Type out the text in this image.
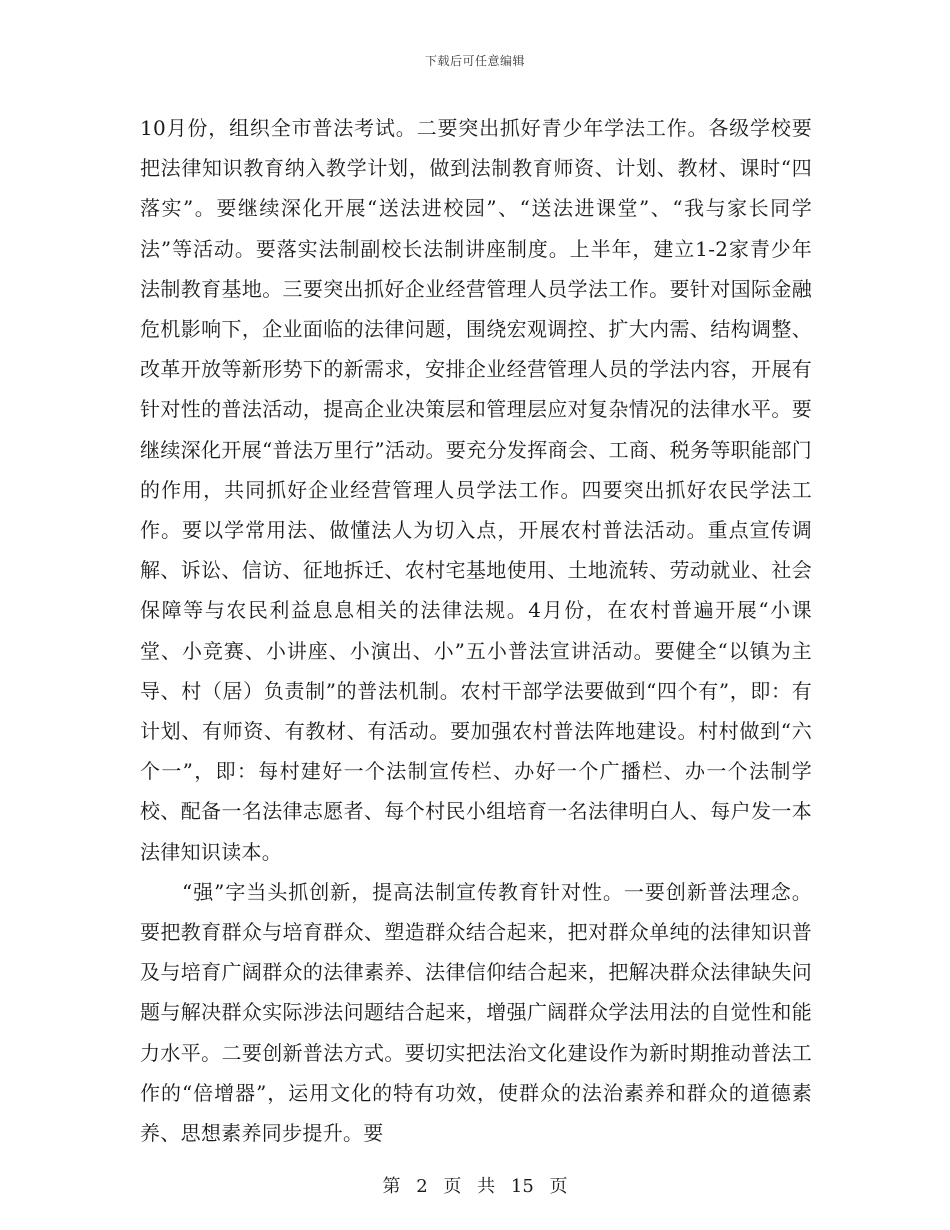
下载后可任意编辑

10月份，组织全市普法考试。二要突出抓好青少年学法工作。各级学校要把法律知识教育纳入教学计划，做到法制教育师资、计划、教材、课时“四落实”。要继续深化开展“送法进校园”、“送法进课堂”、“我与家长同学法”等活动。要落实法制副校长法制讲座制度。上半年，建立1-2家青少年法制教育基地。三要突出抓好企业经营管理人员学法工作。要针对国际金融危机影响下，企业面临的法律问题，围绕宏观调控、扩大内需、结构调整、改革开放等新形势下的新需求，安排企业经营管理人员的学法内容，开展有针对性的普法活动，提高企业决策层和管理层应对复杂情况的法律水平。要继续深化开展“普法万里行”活动。要充分发挥商会、工商、税务等职能部门的作用，共同抓好企业经营管理人员学法工作。四要突出抓好农民学法工作。要以学常用法、做懂法人为切入点，开展农村普法活动。重点宣传调解、诉讼、信访、征地拆迁、农村宅基地使用、土地流转、劳动就业、社会保障等与农民利益息息相关的法律法规。4月份，在农村普遍开展“小课堂、小竞赛、小讲座、小演出、小”五小普法宣讲活动。要健全“以镇为主导、村（居）负责制”的普法机制。农村干部学法要做到“四个有”，即：有计划、有师资、有教材、有活动。要加强农村普法阵地建设。村村做到“六个一”，即：每村建好一个法制宣传栏、办好一个广播栏、办一个法制学校、配备一名法律志愿者、每个村民小组培育一名法律明白人、每户发一本法律知识读本。

“强”字当头抓创新，提高法制宣传教育针对性。一要创新普法理念。要把教育群众与培育群众、塑造群众结合起来，把对群众单纯的法律知识普及与培育广阔群众的法律素养、法律信仰结合起来，把解决群众法律缺失问题与解决群众实际涉法问题结合起来，增强广阔群众学法用法的自觉性和能力水平。二要创新普法方式。要切实把法治文化建设作为新时期推动普法工作的“倍增器”，运用文化的特有功效，使群众的法治素养和群众的道德素养、思想素养同步提升。要

第 2 页 共 15 页
